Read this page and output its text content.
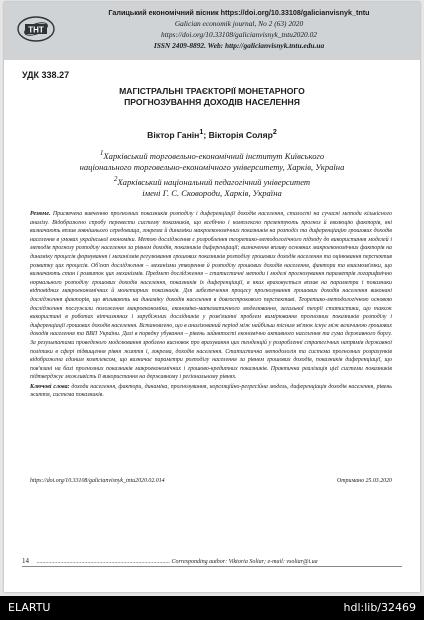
ТНТ
Галицький економічний вісник https://doi.org/10.33108/galicianvisnyk_tntu
Galician economik journal, No 2 (63) 2020
https://doi.org/10.33108/galicianvisnyk_tntu2020.02
ISSN 2409-8892. Web: http://galicianvisnyk.tntu.edu.ua
УДК 338.27
МАГІСТРАЛЬНІ ТРАЄКТОРІЇ МОНЕТАРНОГО
ПРОГНОЗУВАННЯ ДОХОДІВ НАСЕЛЕННЯ
Віктор Ганін$^1$; Вікторія Соляр$^2$
$^1$Харківський торговельно-економічний інститут Київського
національного торговельно-економічного університету, Харків, Україна
$^2$Харківський національний педагогічний університет
імені Г. С. Сковороди, Харків, Україна
Резюме. Присвячена вивченню прогнозних показників розподілу і диференціації доходів населення, сталості на сучасні методи кількісного аналізу. Відображено спробу перевести систему показників, що всебічно і комплексно презентують прогноз й еволюцію факторів, які визначають вплив зовнішнього середовища, зокрема й динаміки макроекономічних показників на розподіл та диференціацію грошових доходів населення в умовах української економіки. Метою дослідження є розроблення теоретико-методологічного підходу до використання моделей і методів прогнозу розподілу населення за рівнем доходів, показників диференціації; визначення впливу основних макроекономічних факторів на динаміку процесів формування і механізмів регулювання грошових показників розподілу грошових доходів населення та оцінювання перспектив розвитку цих процесів. Об'єкт дослідження – механізми утворення й розподілу грошових доходів населення, фактори та взаємозв'язки, що визначають стан і розвиток цих механізмів. Предмет дослідження – статистичні методи і моделі прогнозування параметрів логарифмічно нормального розподілу грошових доходів населення, показників їх диференціації, в яких враховується вплив на параметри і показники відповідних макроекономічних й монетарних показників. Для забезпечення процесу прогнозування грошових доходів населення виконані дослідження факторів, що впливають на динаміку доходів населення в довгострокового перспективі. Теоретико-методологічною основою дослідження послужили положення макроекономіки, економіко-математичного моделювання, загальної теорії статистики, що також використані в роботах вітчизняних і зарубіжних дослідників у розв'язанні проблем вимірювання прогнозних показників розподілу і диференціації грошових доходів населення. Встановлено, що в аналізований період між найбільш тісним зв'язок існує між величиною грошових доходів населення та ВВП України. Далі в порядку убування – рівень зайнятості економічно активного населення та сума державного боргу. За результатами проведеного моделювання зроблено висновок про врахування цих тенденцій у розробленні стратегічних напрямів державної політики в сфері підвищення рівня життя і, зокрема, доходів населення. Статистична методологія та система прогнозних розрахунків відображена єдиним комплексом, що визначає параметри розподілу населення за рівнем грошових доходів, показників диференціації, що пов'язані на базі прогнозних показників макроекономічних і грошово-кредитних показників. Практична реалізація цієї системи показників підтверджує можливість її використання на державному і регіональному рівнях.
Ключові слова: доходи населення, фактори, динаміка, прогнозування, кореляційно-регресійна модель, диференціація доходів населення, рівень життя, система показників.
https://doi.org/10.33108/galicianvisnyk_tntu2020.02.014	Отримано 25.03.2020
14 ......................................................................................... Corresponding author: Viktoria Soliar; e-mail: vsoliar@i.ua
ELARTU	hdl:lib/32469
